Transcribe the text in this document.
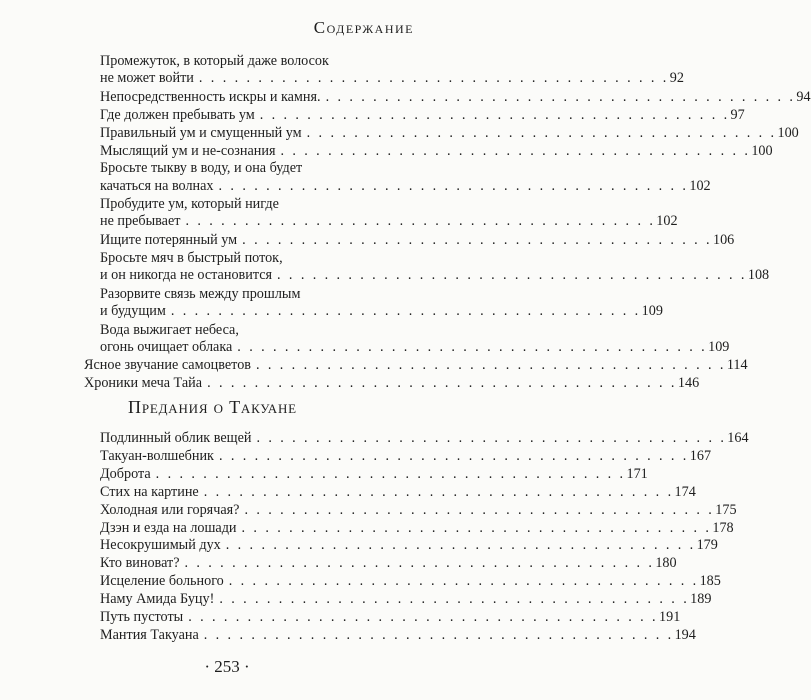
Содержание
Промежуток, в который даже волосок
не может войти . . . . . . . . . . . . . . . . . . . . . . . . . . . . . . . . . . . . . . . . 92
Непосредственность искры и камня. . . . . . . . . . . . . . . . . . . . . . . . . . . . . . . . . . . . . . . . . 94
Где должен пребывать ум . . . . . . . . . . . . . . . . . . . . . . . . . . . . . . . . . . . . . . . . 97
Правильный ум и смущенный ум . . . . . . . . . . . . . . . . . . . . . . . . . . . . . . . . . . . . . . . . 100
Мыслящий ум и не-сознания . . . . . . . . . . . . . . . . . . . . . . . . . . . . . . . . . . . . . . . . 100
Бросьте тыкву в воду, и она будет
качаться на волнах . . . . . . . . . . . . . . . . . . . . . . . . . . . . . . . . . . . . . . . . 102
Пробудите ум, который нигде
не пребывает . . . . . . . . . . . . . . . . . . . . . . . . . . . . . . . . . . . . . . . . 102
Ищите потерянный ум . . . . . . . . . . . . . . . . . . . . . . . . . . . . . . . . . . . . . . . . 106
Бросьте мяч в быстрый поток,
и он никогда не остановится . . . . . . . . . . . . . . . . . . . . . . . . . . . . . . . . . . . . . . . . 108
Разорвите связь между прошлым
и будущим . . . . . . . . . . . . . . . . . . . . . . . . . . . . . . . . . . . . . . . . 109
Вода выжигает небеса,
огонь очищает облака . . . . . . . . . . . . . . . . . . . . . . . . . . . . . . . . . . . . . . . . 109
Ясное звучание самоцветов . . . . . . . . . . . . . . . . . . . . . . . . . . . . . . . . . . . . . . . . 114
Хроники меча Тайа . . . . . . . . . . . . . . . . . . . . . . . . . . . . . . . . . . . . . . . . 146
Предания о Такуане
Подлинный облик вещей . . . . . . . . . . . . . . . . . . . . . . . . . . . . . . . . . . . . . . . . 164
Такуан-волшебник . . . . . . . . . . . . . . . . . . . . . . . . . . . . . . . . . . . . . . . . 167
Доброта . . . . . . . . . . . . . . . . . . . . . . . . . . . . . . . . . . . . . . . . 171
Стих на картине . . . . . . . . . . . . . . . . . . . . . . . . . . . . . . . . . . . . . . . . 174
Холодная или горячая? . . . . . . . . . . . . . . . . . . . . . . . . . . . . . . . . . . . . . . . . 175
Дзэн и езда на лошади . . . . . . . . . . . . . . . . . . . . . . . . . . . . . . . . . . . . . . . . 178
Несокрушимый дух . . . . . . . . . . . . . . . . . . . . . . . . . . . . . . . . . . . . . . . . 179
Кто виноват? . . . . . . . . . . . . . . . . . . . . . . . . . . . . . . . . . . . . . . . . 180
Исцеление больного . . . . . . . . . . . . . . . . . . . . . . . . . . . . . . . . . . . . . . . . 185
Наму Амида Буцу! . . . . . . . . . . . . . . . . . . . . . . . . . . . . . . . . . . . . . . . . 189
Путь пустоты . . . . . . . . . . . . . . . . . . . . . . . . . . . . . . . . . . . . . . . . 191
Мантия Такуана . . . . . . . . . . . . . . . . . . . . . . . . . . . . . . . . . . . . . . . . 194
· 253 ·
